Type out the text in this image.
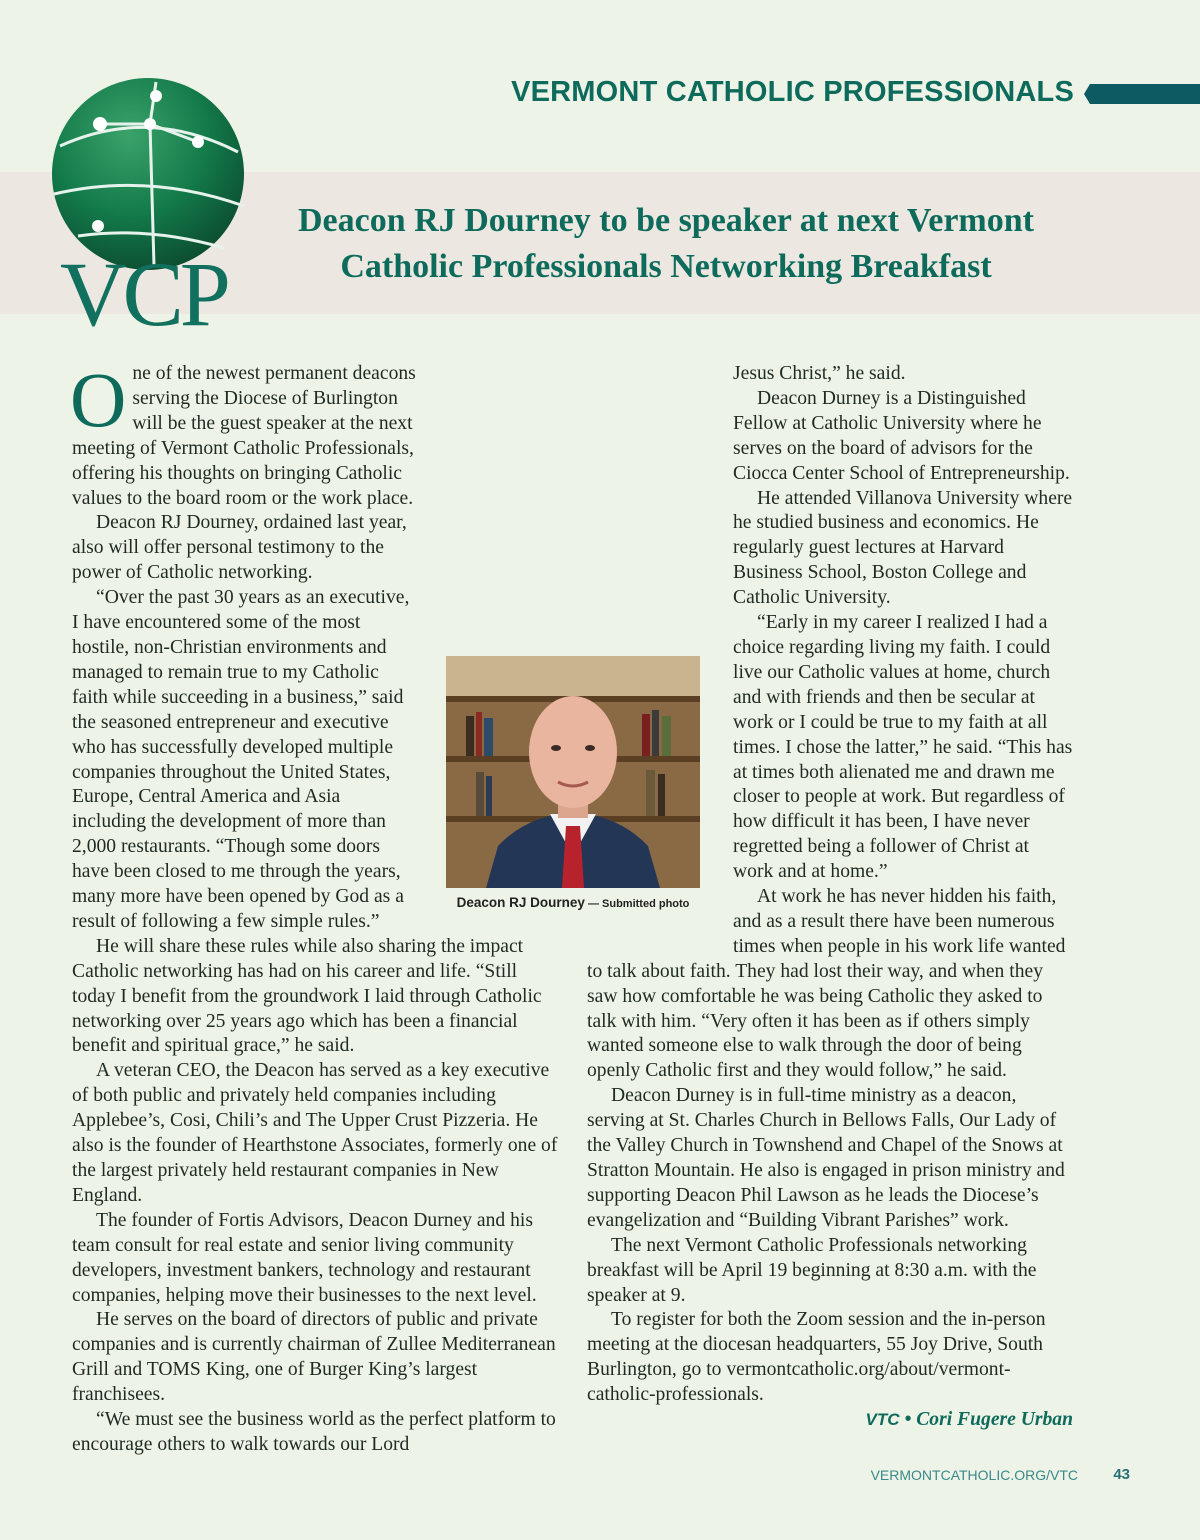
VERMONT CATHOLIC PROFESSIONALS
VCP
Deacon RJ Dourney to be speaker at next Vermont
Catholic Professionals Networking Breakfast

One of the newest permanent deacons serving the Diocese of Burlington will be the guest speaker at the next meeting of Vermont Catholic Professionals, offering his thoughts on bringing Catholic values to the board room or the work place.

Deacon RJ Dourney, ordained last year, also will offer personal testimony to the power of Catholic networking.

“Over the past 30 years as an executive, I have encountered some of the most hostile, non-Christian environments and managed to remain true to my Catholic faith while succeeding in a business,” said the seasoned entrepreneur and executive who has successfully developed multiple companies throughout the United States, Europe, Central America and Asia including the development of more than 2,000 restaurants. “Though some doors have been closed to me through the years, many more have been opened by God as a result of following a few simple rules.”

He will share these rules while also sharing the impact Catholic networking has had on his career and life. “Still today I benefit from the groundwork I laid through Catholic networking over 25 years ago which has been a financial benefit and spiritual grace,” he said.

A veteran CEO, the Deacon has served as a key executive of both public and privately held companies including Applebee’s, Cosi, Chili’s and The Upper Crust Pizzeria. He also is the founder of Hearthstone Associates, formerly one of the largest privately held restaurant companies in New England.

The founder of Fortis Advisors, Deacon Durney and his team consult for real estate and senior living community developers, investment bankers, technology and restaurant companies, helping move their businesses to the next level.

He serves on the board of directors of public and private companies and is currently chairman of Zullee Mediterranean Grill and TOMS King, one of Burger King’s largest franchisees.

“We must see the business world as the perfect platform to encourage others to walk towards our Lord

Jesus Christ,” he said.

Deacon Durney is a Distinguished Fellow at Catholic University where he serves on the board of advisors for the Ciocca Center School of Entrepreneurship.

He attended Villanova University where he studied business and economics. He regularly guest lectures at Harvard Business School, Boston College and Catholic University.

“Early in my career I realized I had a choice regarding living my faith. I could live our Catholic values at home, church and with friends and then be secular at work or I could be true to my faith at all times. I chose the latter,” he said. “This has at times both alienated me and drawn me closer to people at work. But regardless of how difficult it has been, I have never regretted being a follower of Christ at work and at home.”

At work he has never hidden his faith, and as a result there have been numerous times when people in his work life wanted to talk about faith. They had lost their way, and when they saw how comfortable he was being Catholic they asked to talk with him. “Very often it has been as if others simply wanted someone else to walk through the door of being openly Catholic first and they would follow,” he said.

Deacon Durney is in full-time ministry as a deacon, serving at St. Charles Church in Bellows Falls, Our Lady of the Valley Church in Townshend and Chapel of the Snows at Stratton Mountain. He also is engaged in prison ministry and supporting Deacon Phil Lawson as he leads the Diocese’s evangelization and “Building Vibrant Parishes” work.

The next Vermont Catholic Professionals networking breakfast will be April 19 beginning at 8:30 a.m. with the speaker at 9.

To register for both the Zoom session and the in-person meeting at the diocesan headquarters, 55 Joy Drive, South Burlington, go to vermontcatholic.org/about/vermont-catholic-professionals.

VTC • Cori Fugere Urban

Deacon RJ Dourney — Submitted photo
VERMONTCATHOLIC.ORG/VTC 43
